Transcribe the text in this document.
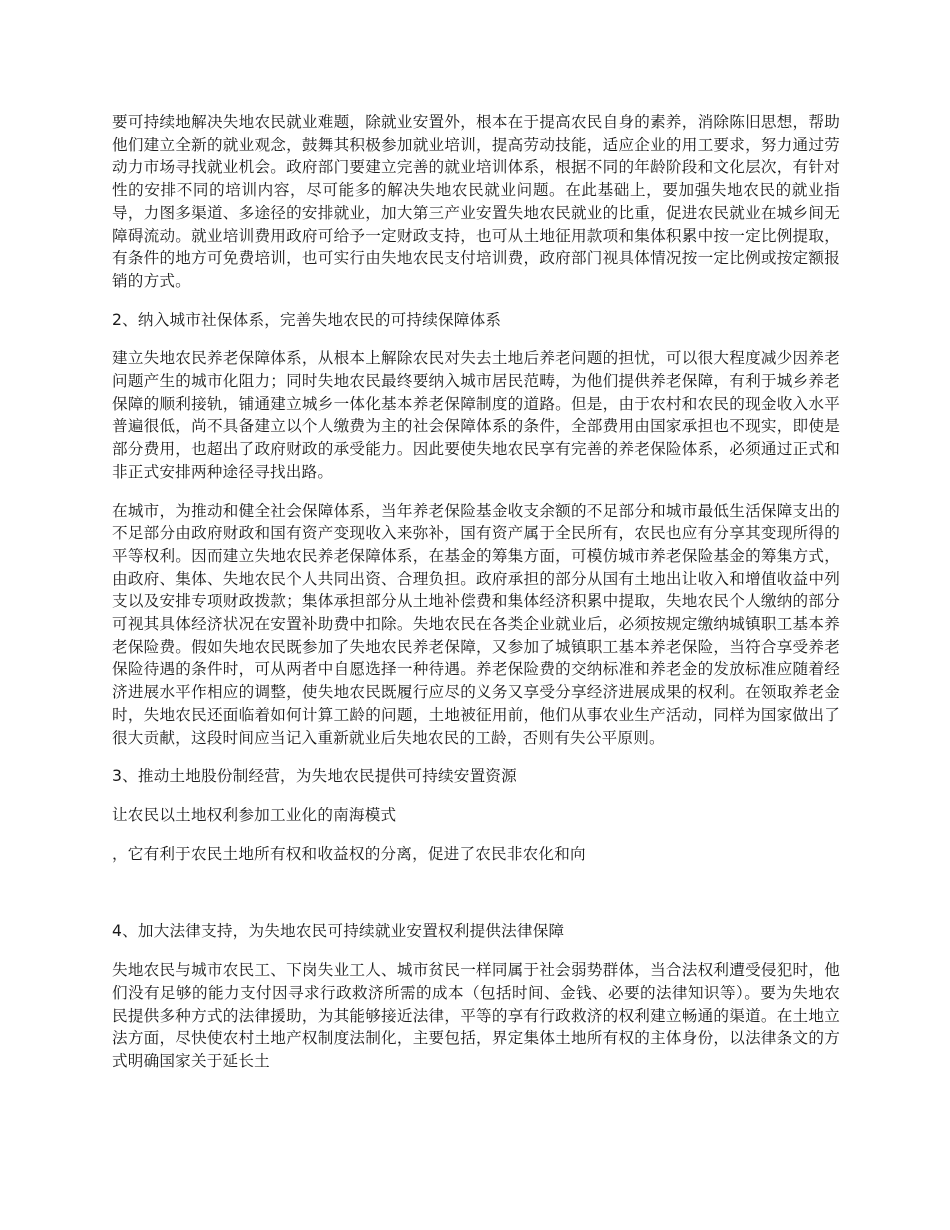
要可持续地解决失地农民就业难题，除就业安置外，根本在于提高农民自身的素养，消除陈旧思想，帮助他们建立全新的就业观念，鼓舞其积极参加就业培训，提高劳动技能，适应企业的用工要求，努力通过劳动力市场寻找就业机会。政府部门要建立完善的就业培训体系，根据不同的年龄阶段和文化层次，有针对性的安排不同的培训内容，尽可能多的解决失地农民就业问题。在此基础上，要加强失地农民的就业指导，力图多渠道、多途径的安排就业，加大第三产业安置失地农民就业的比重，促进农民就业在城乡间无障碍流动。就业培训费用政府可给予一定财政支持，也可从土地征用款项和集体积累中按一定比例提取，有条件的地方可免费培训，也可实行由失地农民支付培训费，政府部门视具体情况按一定比例或按定额报销的方式。

2、纳入城市社保体系，完善失地农民的可持续保障体系

建立失地农民养老保障体系，从根本上解除农民对失去土地后养老问题的担忧，可以很大程度减少因养老问题产生的城市化阻力；同时失地农民最终要纳入城市居民范畴，为他们提供养老保障，有利于城乡养老保障的顺利接轨，铺通建立城乡一体化基本养老保障制度的道路。但是，由于农村和农民的现金收入水平普遍很低，尚不具备建立以个人缴费为主的社会保障体系的条件，全部费用由国家承担也不现实，即使是部分费用，也超出了政府财政的承受能力。因此要使失地农民享有完善的养老保险体系，必须通过正式和非正式安排两种途径寻找出路。

在城市，为推动和健全社会保障体系，当年养老保险基金收支余额的不足部分和城市最低生活保障支出的不足部分由政府财政和国有资产变现收入来弥补，国有资产属于全民所有，农民也应有分享其变现所得的平等权利。因而建立失地农民养老保障体系，在基金的筹集方面，可模仿城市养老保险基金的筹集方式，由政府、集体、失地农民个人共同出资、合理负担。政府承担的部分从国有土地出让收入和增值收益中列支以及安排专项财政拨款；集体承担部分从土地补偿费和集体经济积累中提取，失地农民个人缴纳的部分可视其具体经济状况在安置补助费中扣除。失地农民在各类企业就业后，必须按规定缴纳城镇职工基本养老保险费。假如失地农民既参加了失地农民养老保障，又参加了城镇职工基本养老保险，当符合享受养老保险待遇的条件时，可从两者中自愿选择一种待遇。养老保险费的交纳标准和养老金的发放标准应随着经济进展水平作相应的调整，使失地农民既履行应尽的义务又享受分享经济进展成果的权利。在领取养老金时，失地农民还面临着如何计算工龄的问题，土地被征用前，他们从事农业生产活动，同样为国家做出了很大贡献，这段时间应当记入重新就业后失地农民的工龄，否则有失公平原则。

3、推动土地股份制经营，为失地农民提供可持续安置资源

让农民以土地权利参加工业化的南海模式

，它有利于农民土地所有权和收益权的分离，促进了农民非农化和向

4、加大法律支持，为失地农民可持续就业安置权利提供法律保障

失地农民与城市农民工、下岗失业工人、城市贫民一样同属于社会弱势群体，当合法权利遭受侵犯时，他们没有足够的能力支付因寻求行政救济所需的成本（包括时间、金钱、必要的法律知识等）。要为失地农民提供多种方式的法律援助，为其能够接近法律，平等的享有行政救济的权利建立畅通的渠道。在土地立法方面，尽快使农村土地产权制度法制化，主要包括，界定集体土地所有权的主体身份，以法律条文的方式明确国家关于延长土
